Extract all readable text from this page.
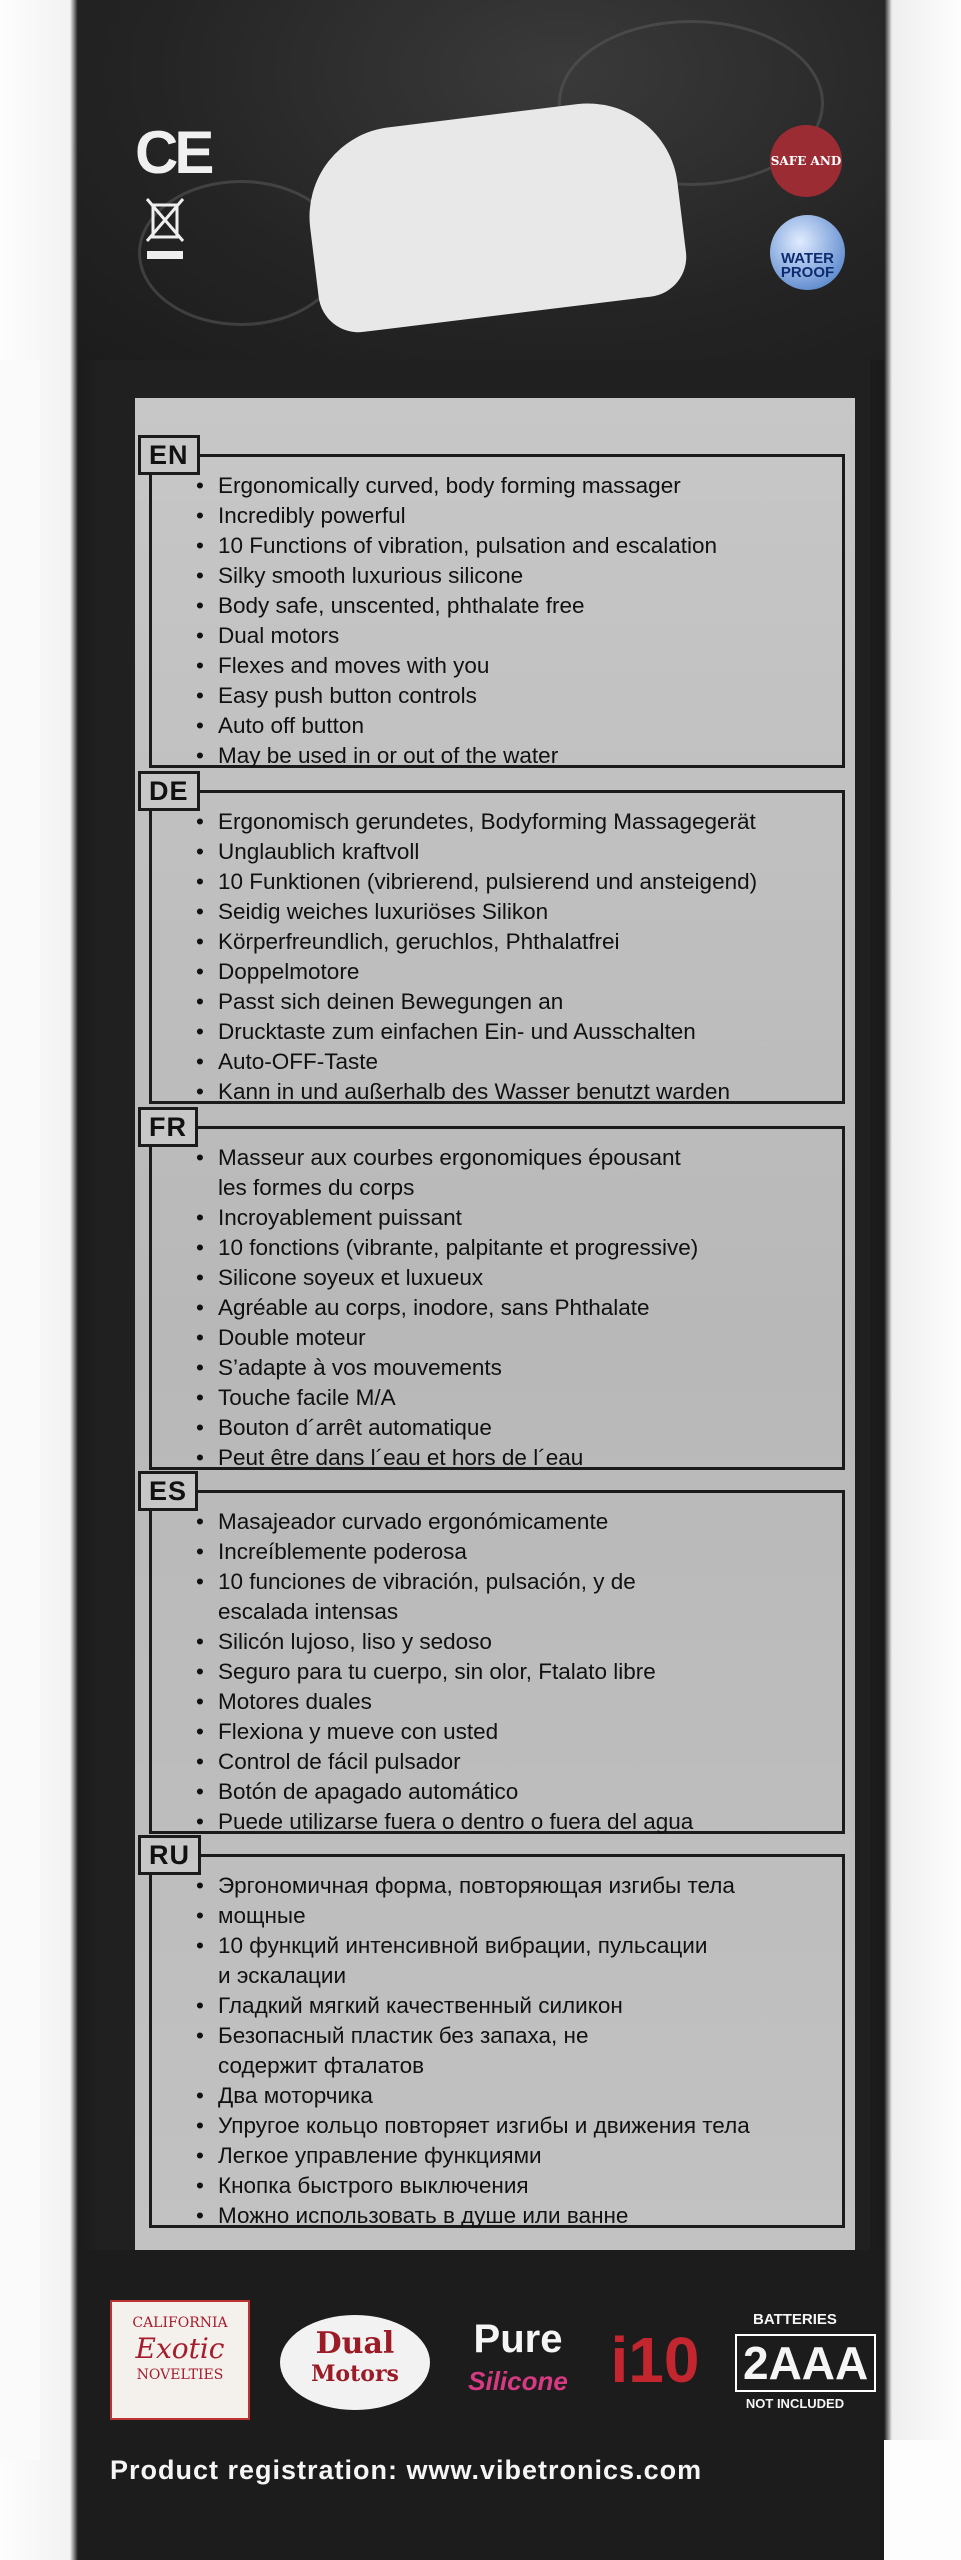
CE	SAFE AND
WATER PROOF
EN
• Ergonomically curved, body forming massager
• Incredibly powerful
• 10 Functions of vibration, pulsation and escalation
• Silky smooth luxurious silicone
• Body safe, unscented, phthalate free
• Dual motors
• Flexes and moves with you
• Easy push button controls
• Auto off button
• May be used in or out of the water
DE
• Ergonomisch gerundetes, Bodyforming Massagegerät
• Unglaublich kraftvoll
• 10 Funktionen (vibrierend, pulsierend und ansteigend)
• Seidig weiches luxuriöses Silikon
• Körperfreundlich, geruchlos, Phthalatfrei
• Doppelmotore
• Passt sich deinen Bewegungen an
• Drucktaste zum einfachen Ein- und Ausschalten
• Auto-OFF-Taste
• Kann in und außerhalb des Wasser benutzt warden
FR
• Masseur aux courbes ergonomiques épousant
les formes du corps
• Incroyablement puissant
• 10 fonctions (vibrante, palpitante et progressive)
• Silicone soyeux et luxueux
• Agréable au corps, inodore, sans Phthalate
• Double moteur
• S’adapte à vos mouvements
• Touche facile M/A
• Bouton d´arrêt automatique
• Peut être dans l´eau et hors de l´eau
ES
• Masajeador curvado ergonómicamente
• Increíblemente poderosa
• 10 funciones de vibración, pulsación, y de
escalada intensas
• Silicón lujoso, liso y sedoso
• Seguro para tu cuerpo, sin olor, Ftalato libre
• Motores duales
• Flexiona y mueve con usted
• Control de fácil pulsador
• Botón de apagado automático
• Puede utilizarse fuera o dentro o fuera del agua
RU
• Эргономичная форма, повторяющая изгибы тела
• мощные
• 10 функций интенсивной вибрации, пульсации
и эскалации
• Гладкий мягкий качественный силикон
• Безопасный пластик без запаха, не
содержит фталатов
• Два моторчика
• Упругое кольцо повторяет изгибы и движения тела
• Легкое управление функциями
• Кнопка быстрого выключения
• Можно использовать в душе или ванне
CALIFORNIA
Exotic
NOVELTIES
Dual
Motors
Pure
Silicone i10
BATTERIES
2AAA
NOT INCLUDED
Product registration: www.vibetronics.com
